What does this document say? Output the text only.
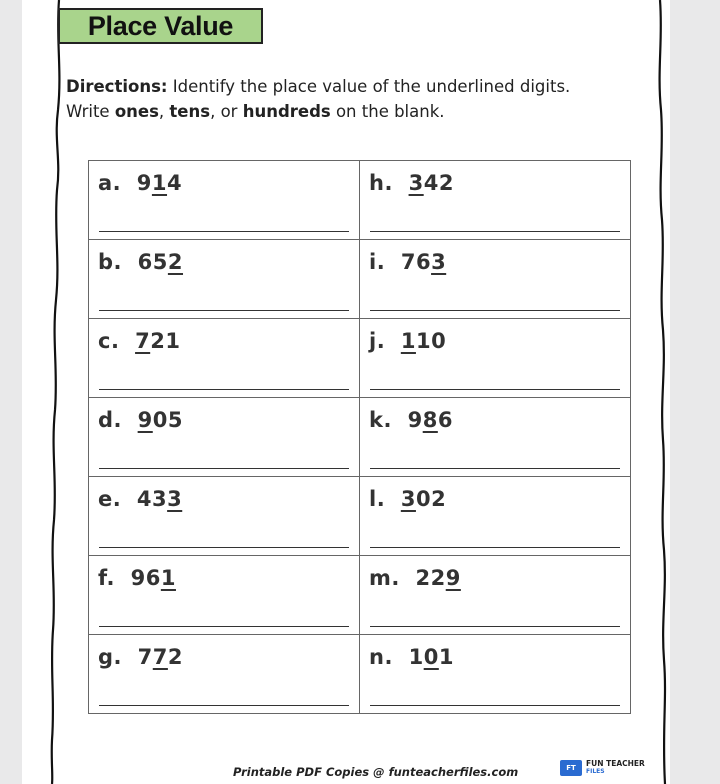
Place Value
Directions: Identify the place value of the underlined digits.
Write ones, tens, or hundreds on the blank.
a. 914	h. 342

b. 652	i. 763

c. 721	j. 110

d. 905	k. 986

e. 433	l. 302

f. 961	m. 229

g. 772	n. 101
Printable PDF Copies @ funteacherfiles.com	FT	FUN TEACHER
FILES
